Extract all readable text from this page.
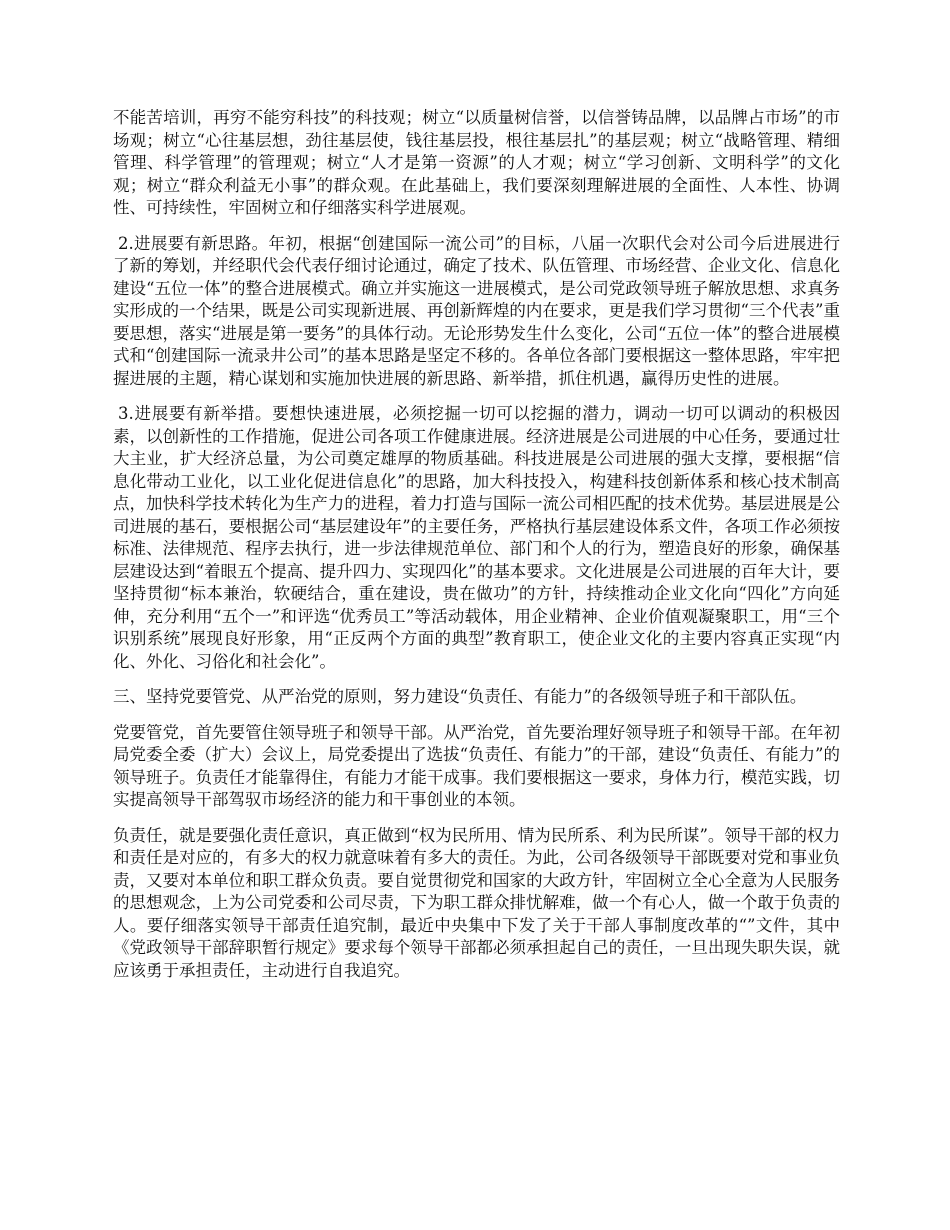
不能苦培训，再穷不能穷科技”的科技观；树立“以质量树信誉，以信誉铸品牌，以品牌占市场”的市场观；树立“心往基层想，劲往基层使，钱往基层投，根往基层扎”的基层观；树立“战略管理、精细管理、科学管理”的管理观；树立“人才是第一资源”的人才观；树立“学习创新、文明科学”的文化观；树立“群众利益无小事”的群众观。在此基础上，我们要深刻理解进展的全面性、人本性、协调性、可持续性，牢固树立和仔细落实科学进展观。

2.进展要有新思路。年初，根据“创建国际一流公司”的目标，八届一次职代会对公司今后进展进行了新的筹划，并经职代会代表仔细讨论通过，确定了技术、队伍管理、市场经营、企业文化、信息化建设“五位一体”的整合进展模式。确立并实施这一进展模式，是公司党政领导班子解放思想、求真务实形成的一个结果，既是公司实现新进展、再创新辉煌的内在要求，更是我们学习贯彻“三个代表”重要思想，落实“进展是第一要务”的具体行动。无论形势发生什么变化，公司“五位一体”的整合进展模式和“创建国际一流录井公司”的基本思路是坚定不移的。各单位各部门要根据这一整体思路，牢牢把握进展的主题，精心谋划和实施加快进展的新思路、新举措，抓住机遇，赢得历史性的进展。

3.进展要有新举措。要想快速进展，必须挖掘一切可以挖掘的潜力，调动一切可以调动的积极因素，以创新性的工作措施，促进公司各项工作健康进展。经济进展是公司进展的中心任务，要通过壮大主业，扩大经济总量，为公司奠定雄厚的物质基础。科技进展是公司进展的强大支撑，要根据“信息化带动工业化，以工业化促进信息化”的思路，加大科技投入，构建科技创新体系和核心技术制高点，加快科学技术转化为生产力的进程，着力打造与国际一流公司相匹配的技术优势。基层进展是公司进展的基石，要根据公司“基层建设年”的主要任务，严格执行基层建设体系文件，各项工作必须按标准、法律规范、程序去执行，进一步法律规范单位、部门和个人的行为，塑造良好的形象，确保基层建设达到“着眼五个提高、提升四力、实现四化”的基本要求。文化进展是公司进展的百年大计，要坚持贯彻“标本兼治，软硬结合，重在建设，贵在做功”的方针，持续推动企业文化向“四化”方向延伸，充分利用“五个一”和评选“优秀员工”等活动载体，用企业精神、企业价值观凝聚职工，用“三个识别系统”展现良好形象，用“正反两个方面的典型”教育职工，使企业文化的主要内容真正实现“内化、外化、习俗化和社会化”。

三、坚持党要管党、从严治党的原则，努力建设“负责任、有能力”的各级领导班子和干部队伍。

党要管党，首先要管住领导班子和领导干部。从严治党，首先要治理好领导班子和领导干部。在年初局党委全委（扩大）会议上，局党委提出了选拔“负责任、有能力”的干部，建设“负责任、有能力”的领导班子。负责任才能靠得住，有能力才能干成事。我们要根据这一要求，身体力行，模范实践，切实提高领导干部驾驭市场经济的能力和干事创业的本领。

负责任，就是要强化责任意识，真正做到“权为民所用、情为民所系、利为民所谋”。领导干部的权力和责任是对应的，有多大的权力就意味着有多大的责任。为此，公司各级领导干部既要对党和事业负责，又要对本单位和职工群众负责。要自觉贯彻党和国家的大政方针，牢固树立全心全意为人民服务的思想观念，上为公司党委和公司尽责，下为职工群众排忧解难，做一个有心人，做一个敢于负责的人。要仔细落实领导干部责任追究制，最近中央集中下发了关于干部人事制度改革的“”文件，其中《党政领导干部辞职暂行规定》要求每个领导干部都必须承担起自己的责任，一旦出现失职失误，就应该勇于承担责任，主动进行自我追究。
